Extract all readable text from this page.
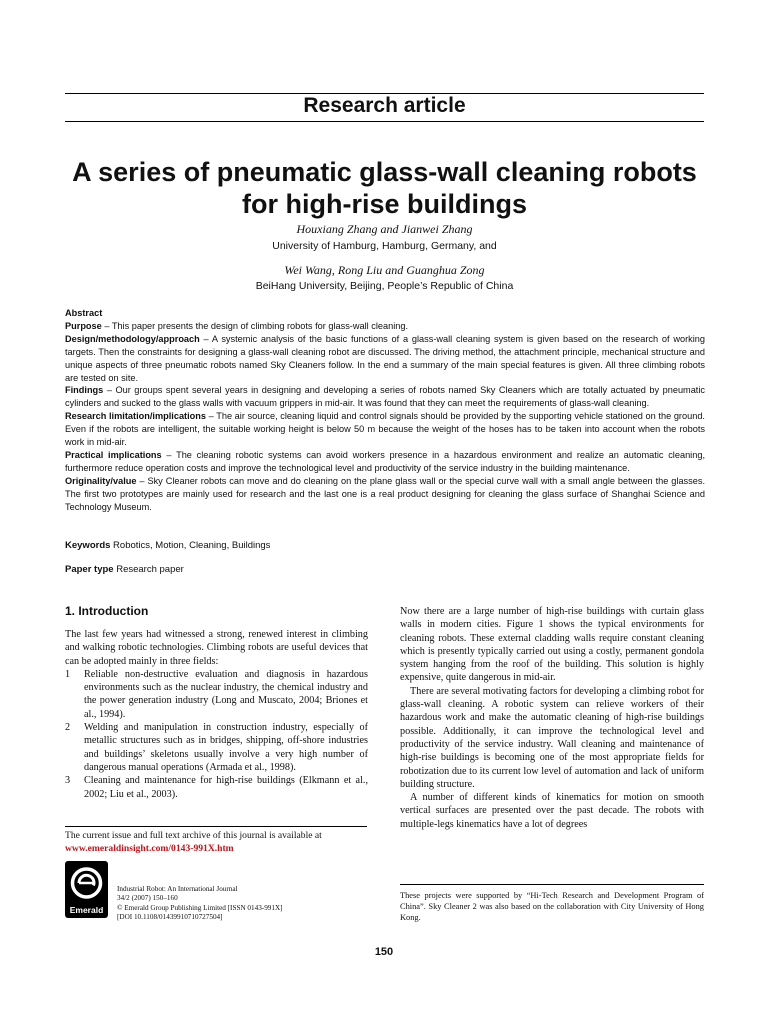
Research article
A series of pneumatic glass-wall cleaning robots for high-rise buildings
Houxiang Zhang and Jianwei Zhang
University of Hamburg, Hamburg, Germany, and
Wei Wang, Rong Liu and Guanghua Zong
BeiHang University, Beijing, People’s Republic of China

Abstract

Purpose – This paper presents the design of climbing robots for glass-wall cleaning.

Design/methodology/approach – A systemic analysis of the basic functions of a glass-wall cleaning system is given based on the research of working targets. Then the constraints for designing a glass-wall cleaning robot are discussed. The driving method, the attachment principle, mechanical structure and unique aspects of three pneumatic robots named Sky Cleaners follow. In the end a summary of the main special features is given. All three climbing robots are tested on site.

Findings – Our groups spent several years in designing and developing a series of robots named Sky Cleaners which are totally actuated by pneumatic cylinders and sucked to the glass walls with vacuum grippers in mid-air. It was found that they can meet the requirements of glass-wall cleaning.

Research limitation/implications – The air source, cleaning liquid and control signals should be provided by the supporting vehicle stationed on the ground. Even if the robots are intelligent, the suitable working height is below 50 m because the weight of the hoses has to be taken into account when the robots work in mid-air.

Practical implications – The cleaning robotic systems can avoid workers presence in a hazardous environment and realize an automatic cleaning, furthermore reduce operation costs and improve the technological level and productivity of the service industry in the building maintenance.

Originality/value – Sky Cleaner robots can move and do cleaning on the plane glass wall or the special curve wall with a small angle between the glasses. The first two prototypes are mainly used for research and the last one is a real product designing for cleaning the glass surface of Shanghai Science and Technology Museum.

Keywords Robotics, Motion, Cleaning, Buildings
Paper type Research paper
1. Introduction

The last few years had witnessed a strong, renewed interest in climbing and walking robotic technologies. Climbing robots are useful devices that can be adopted mainly in three fields:

1	Reliable non-destructive evaluation and diagnosis in hazardous environments such as the nuclear industry, the chemical industry and the power generation industry (Long and Muscato, 2004; Briones et al., 1994).
2	Welding and manipulation in construction industry, especially of metallic structures such as in bridges, shipping, off-shore industries and buildings’ skeletons usually involve a very high number of dangerous manual operations (Armada et al., 1998).
3	Cleaning and maintenance for high-rise buildings (Elkmann et al., 2002; Liu et al., 2003).

Now there are a large number of high-rise buildings with curtain glass walls in modern cities. Figure 1 shows the typical environments for cleaning robots. These external cladding walls require constant cleaning which is presently typically carried out using a costly, permanent gondola system hanging from the roof of the building. This solution is highly expensive, quite dangerous in mid-air.

There are several motivating factors for developing a climbing robot for glass-wall cleaning. A robotic system can relieve workers of their hazardous work and make the automatic cleaning of high-rise buildings possible. Additionally, it can improve the technological level and productivity of the service industry. Wall cleaning and maintenance of high-rise buildings is becoming one of the most appropriate fields for robotization due to its current low level of automation and lack of uniform building structure.

A number of different kinds of kinematics for motion on smooth vertical surfaces are presented over the past decade. The robots with multiple-legs kinematics have a lot of degrees

The current issue and full text archive of this journal is available at
www.emeraldinsight.com/0143-991X.htm
Emerald
Industrial Robot: An International Journal
34/2 (2007) 150–160
© Emerald Group Publishing Limited [ISSN 0143-991X]
[DOI 10.1108/01439910710727504]
These projects were supported by “Hi-Tech Research and Development Program of China”. Sky Cleaner 2 was also based on the collaboration with City University of Hong Kong.
150
